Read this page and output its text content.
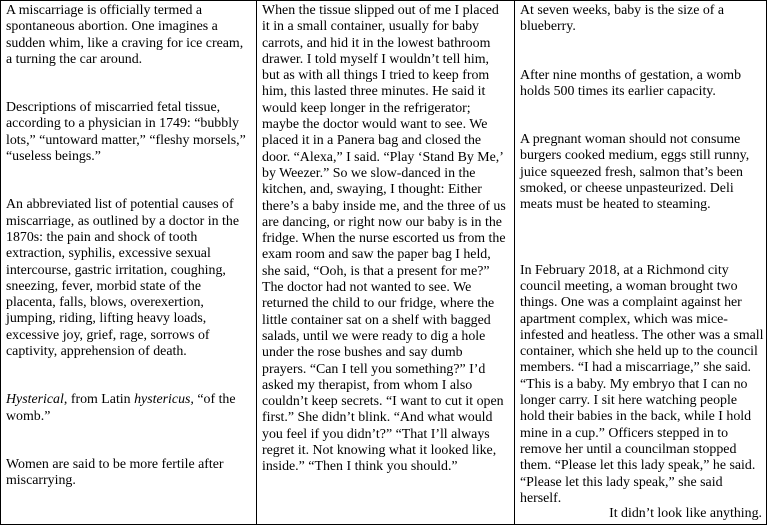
A miscarriage is officially termed a spontaneous abortion. One imagines a sudden whim, like a craving for ice cream, a turning the car around.

Descriptions of miscarried fetal tissue, according to a physician in 1749: “bubbly lots,” “untoward matter,” “fleshy morsels,” “useless beings.”

An abbreviated list of potential causes of miscarriage, as outlined by a doctor in the 1870s: the pain and shock of tooth extraction, syphilis, excessive sexual intercourse, gastric irritation, coughing, sneezing, fever, morbid state of the placenta, falls, blows, overexertion, jumping, riding, lifting heavy loads, excessive joy, grief, rage, sorrows of captivity, apprehension of death.

Hysterical, from Latin hystericus, “of the womb.”

Women are said to be more fertile after miscarrying.

When the tissue slipped out of me I placed it in a small container, usually for baby carrots, and hid it in the lowest bathroom drawer. I told myself I wouldn’t tell him, but as with all things I tried to keep from him, this lasted three minutes. He said it would keep longer in the refrigerator; maybe the doctor would want to see. We placed it in a Panera bag and closed the door. “Alexa,” I said. “Play ‘Stand By Me,’ by Weezer.” So we slow-danced in the kitchen, and, swaying, I thought: Either there’s a baby inside me, and the three of us are dancing, or right now our baby is in the fridge. When the nurse escorted us from the exam room and saw the paper bag I held, she said, “Ooh, is that a present for me?” The doctor had not wanted to see. We returned the child to our fridge, where the little container sat on a shelf with bagged salads, until we were ready to dig a hole under the rose bushes and say dumb prayers. “Can I tell you something?” I’d asked my therapist, from whom I also couldn’t keep secrets. “I want to cut it open first.” She didn’t blink. “And what would you feel if you didn’t?” “That I’ll always regret it. Not knowing what it looked like, inside.” “Then I think you should.”

At seven weeks, baby is the size of a blueberry.

After nine months of gestation, a womb holds 500 times its earlier capacity.

A pregnant woman should not consume burgers cooked medium, eggs still runny, juice squeezed fresh, salmon that’s been smoked, or cheese unpasteurized. Deli meats must be heated to steaming.

In February 2018, at a Richmond city council meeting, a woman brought two things. One was a complaint against her apartment complex, which was mice-infested and heatless. The other was a small container, which she held up to the council members. “I had a miscarriage,” she said. “This is a baby. My embryo that I can no longer carry. I sit here watching people hold their babies in the back, while I hold mine in a cup.” Officers stepped in to remove her until a councilman stopped them. “Please let this lady speak,” he said. “Please let this lady speak,” she said herself.

It didn’t look like anything.
